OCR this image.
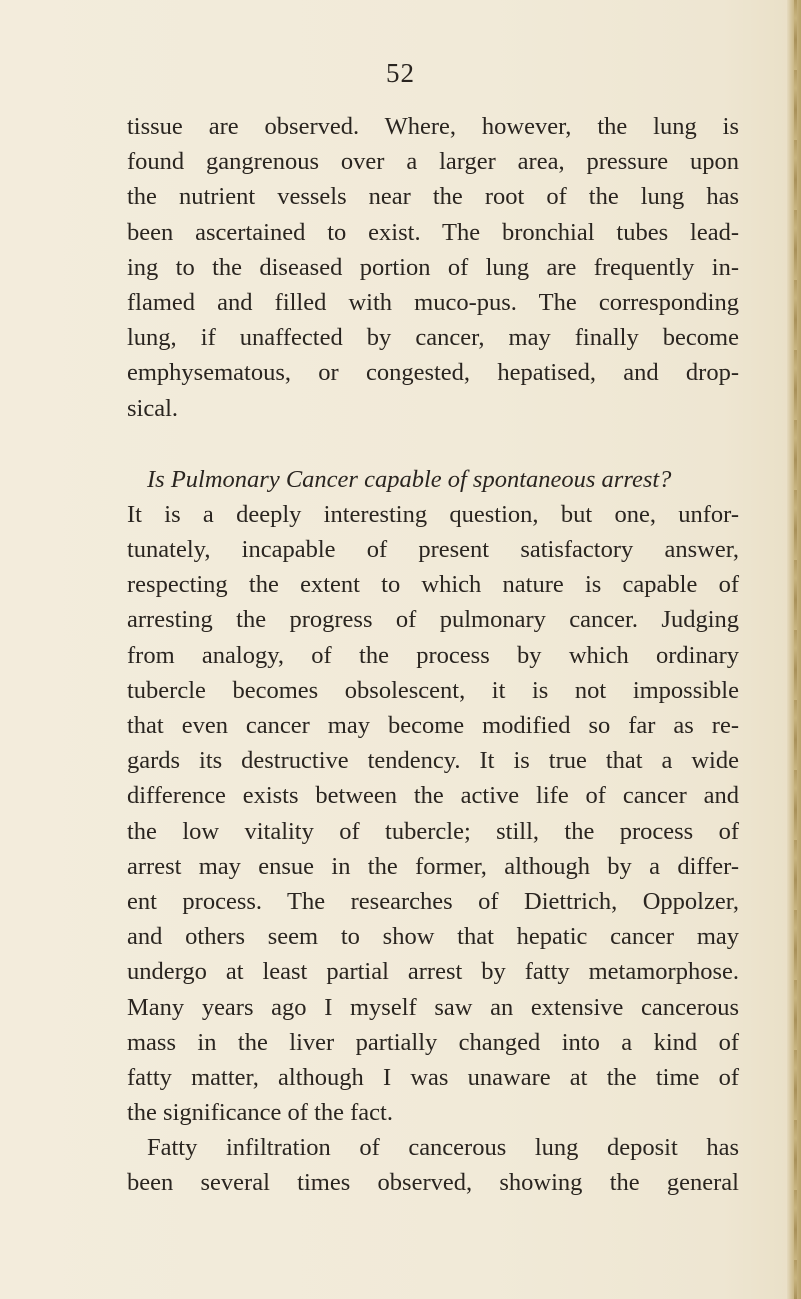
52
tissue are observed. Where, however, the lung is
found gangrenous over a larger area, pressure upon
the nutrient vessels near the root of the lung has
been ascertained to exist. The bronchial tubes lead-
ing to the diseased portion of lung are frequently in-
flamed and filled with muco-pus. The corresponding
lung, if unaffected by cancer, may finally become
emphysematous, or congested, hepatised, and drop-
sical.
Is Pulmonary Cancer capable of spontaneous arrest?
It is a deeply interesting question, but one, unfor-
tunately, incapable of present satisfactory answer,
respecting the extent to which nature is capable of
arresting the progress of pulmonary cancer. Judging
from analogy, of the process by which ordinary
tubercle becomes obsolescent, it is not impossible
that even cancer may become modified so far as re-
gards its destructive tendency. It is true that a wide
difference exists between the active life of cancer and
the low vitality of tubercle; still, the process of
arrest may ensue in the former, although by a differ-
ent process. The researches of Diettrich, Oppolzer,
and others seem to show that hepatic cancer may
undergo at least partial arrest by fatty metamorphose.
Many years ago I myself saw an extensive cancerous
mass in the liver partially changed into a kind of
fatty matter, although I was unaware at the time of
the significance of the fact.
Fatty infiltration of cancerous lung deposit has
been several times observed, showing the general
